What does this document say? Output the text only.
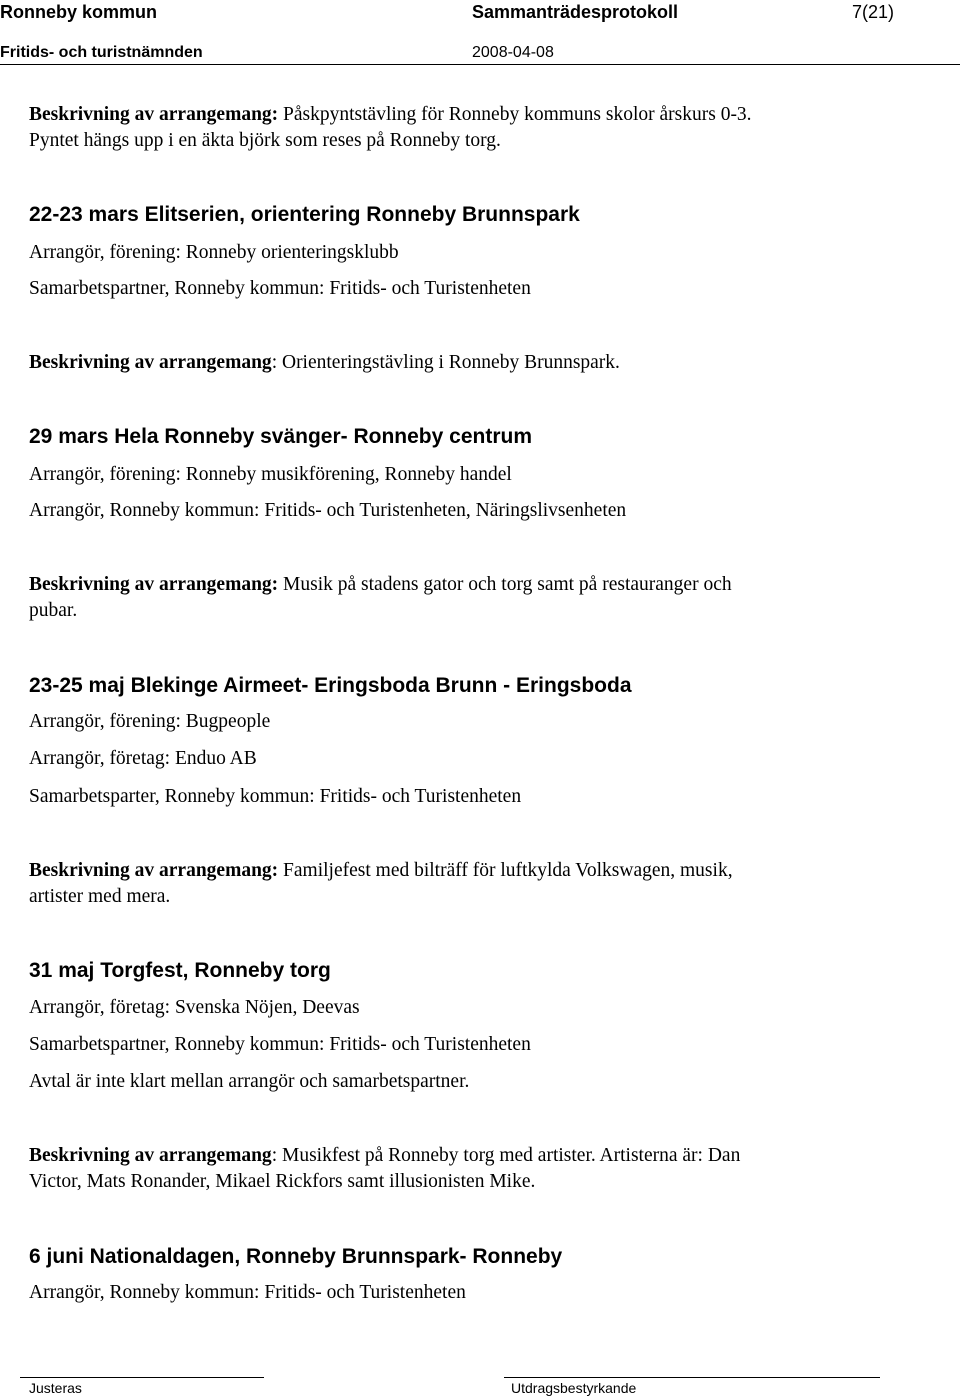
Ronneby kommun	Sammanträdesprotokoll	7(21)
Fritids- och turistnämnden	2008-04-08
Beskrivning av arrangemang: Påskpyntstävling för Ronneby kommuns skolor årskurs 0-3.
Pyntet hängs upp i en äkta björk som reses på Ronneby torg.
22-23 mars Elitserien, orientering Ronneby Brunnspark
Arrangör, förening: Ronneby orienteringsklubb
Samarbetspartner, Ronneby kommun: Fritids- och Turistenheten
Beskrivning av arrangemang: Orienteringstävling i Ronneby Brunnspark.
29 mars Hela Ronneby svänger- Ronneby centrum
Arrangör, förening: Ronneby musikförening, Ronneby handel
Arrangör, Ronneby kommun: Fritids- och Turistenheten, Näringslivsenheten
Beskrivning av arrangemang: Musik på stadens gator och torg samt på restauranger och
pubar.
23-25 maj Blekinge Airmeet- Eringsboda Brunn - Eringsboda
Arrangör, förening: Bugpeople
Arrangör, företag: Enduo AB
Samarbetsparter, Ronneby kommun: Fritids- och Turistenheten
Beskrivning av arrangemang: Familjefest med bilträff för luftkylda Volkswagen, musik,
artister med mera.
31 maj Torgfest, Ronneby torg
Arrangör, företag: Svenska Nöjen, Deevas
Samarbetspartner, Ronneby kommun: Fritids- och Turistenheten
Avtal är inte klart mellan arrangör och samarbetspartner.
Beskrivning av arrangemang: Musikfest på Ronneby torg med artister. Artisterna är: Dan
Victor, Mats Ronander, Mikael Rickfors samt illusionisten Mike.
6 juni Nationaldagen, Ronneby Brunnspark- Ronneby
Arrangör, Ronneby kommun: Fritids- och Turistenheten
Justeras	Utdragsbestyrkande
